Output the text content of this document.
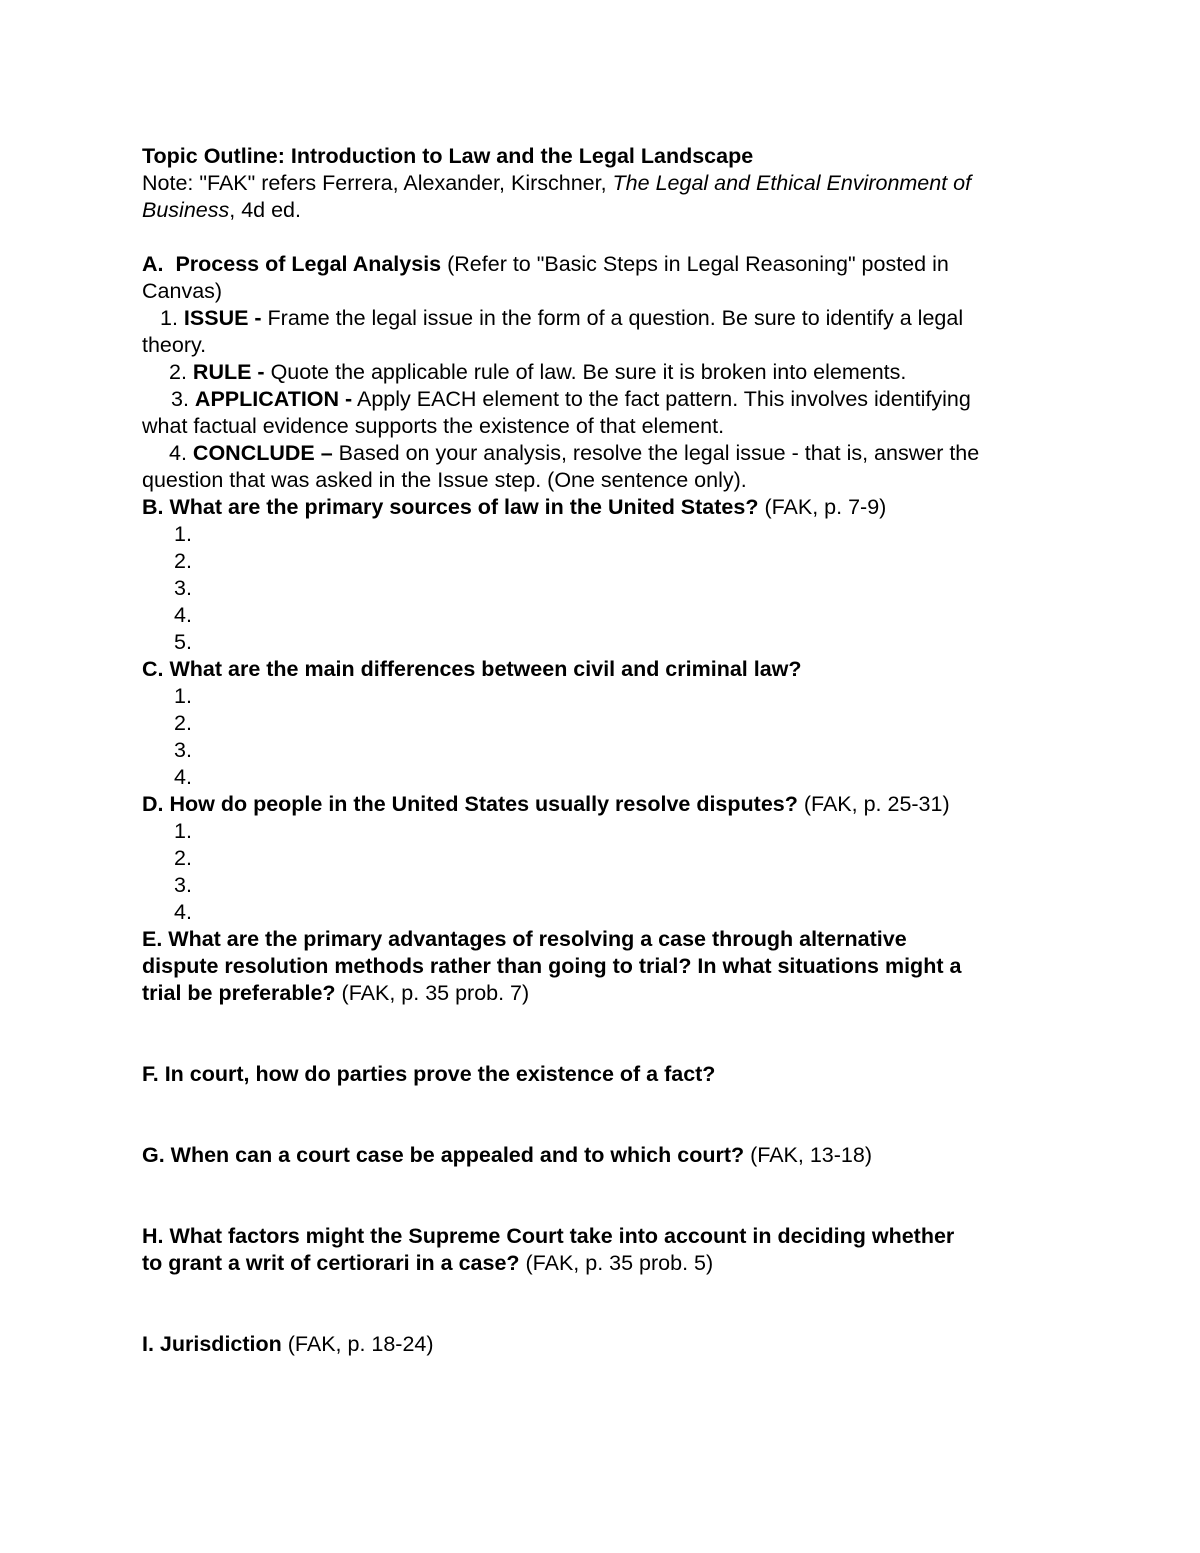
Topic Outline: Introduction to Law and the Legal Landscape
Note: "FAK" refers Ferrera, Alexander, Kirschner, The Legal and Ethical Environment of
Business, 4d ed.
A. Process of Legal Analysis (Refer to "Basic Steps in Legal Reasoning" posted in
Canvas)
1. ISSUE - Frame the legal issue in the form of a question. Be sure to identify a legal
theory.
2. RULE - Quote the applicable rule of law. Be sure it is broken into elements.
3. APPLICATION - Apply EACH element to the fact pattern. This involves identifying
what factual evidence supports the existence of that element.
4. CONCLUDE – Based on your analysis, resolve the legal issue - that is, answer the
question that was asked in the Issue step. (One sentence only).
B. What are the primary sources of law in the United States? (FAK, p. 7-9)
1.
2.
3.
4.
5.
C. What are the main differences between civil and criminal law?
1.
2.
3.
4.
D. How do people in the United States usually resolve disputes? (FAK, p. 25-31)
1.
2.
3.
4.
E. What are the primary advantages of resolving a case through alternative
dispute resolution methods rather than going to trial? In what situations might a
trial be preferable? (FAK, p. 35 prob. 7)
F. In court, how do parties prove the existence of a fact?
G. When can a court case be appealed and to which court? (FAK, 13-18)
H. What factors might the Supreme Court take into account in deciding whether
to grant a writ of certiorari in a case? (FAK, p. 35 prob. 5)
I. Jurisdiction (FAK, p. 18-24)
